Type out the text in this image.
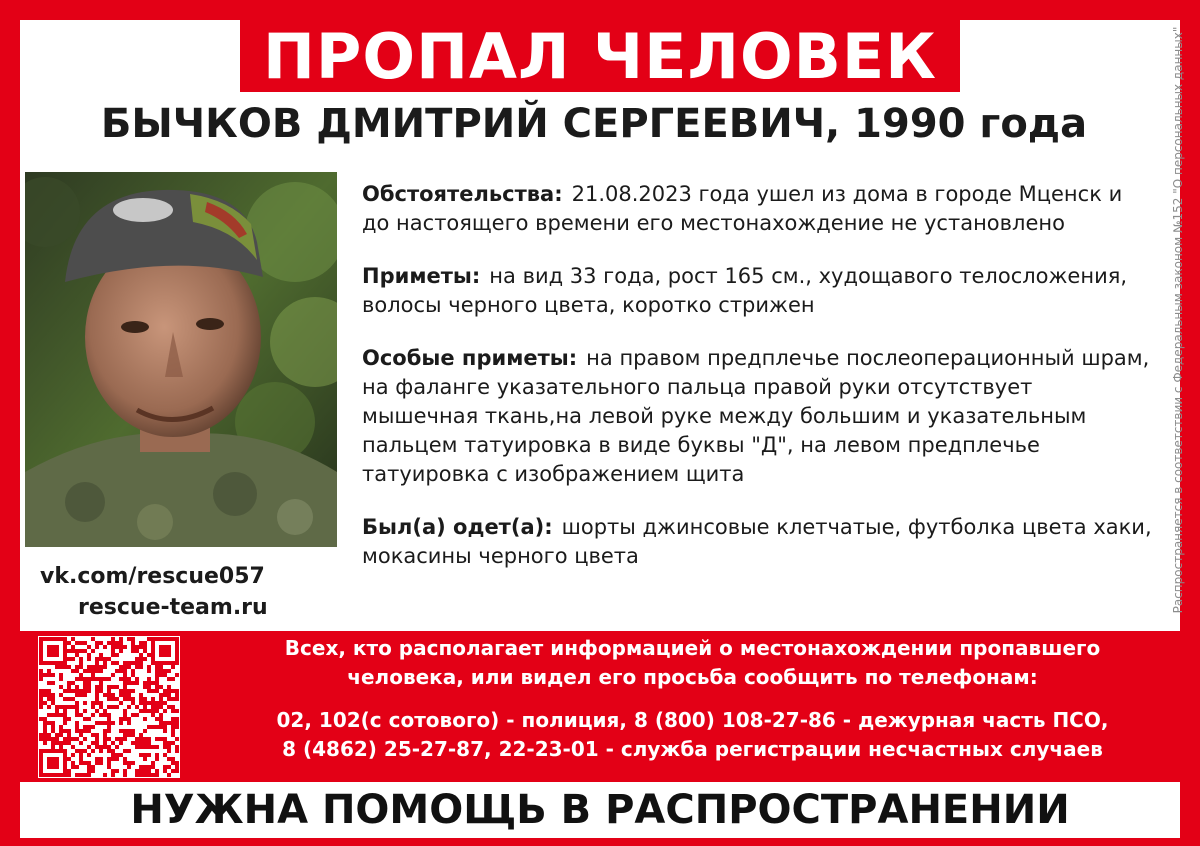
ПРОПАЛ ЧЕЛОВЕК
БЫЧКОВ ДМИТРИЙ СЕРГЕЕВИЧ, 1990 года	Распространяется в соответствии с Федеральным законом №152 "О персональных данных"
vk.com/rescue057
rescue-team.ru
Обстоятельства: 21.08.2023 года ушел из дома в городе Мценск и до настоящего времени его местонахождение не установлено
Приметы: на вид 33 года, рост 165 см., худощавого телосложения, волосы черного цвета, коротко стрижен
Особые приметы: на правом предплечье послеоперационный шрам, на фаланге указательного пальца правой руки отсутствует мышечная ткань,на левой руке между большим и указательным пальцем татуировка в виде буквы "Д", на левом предплечье татуировка с изображением щита
Был(а) одет(а): шорты джинсовые клетчатые, футболка цвета хаки, мокасины черного цвета
Всех, кто располагает информацией о местонахождении пропавшего
человека, или видел его просьба сообщить по телефонам:
02, 102(с сотового) - полиция, 8 (800) 108-27-86 - дежурная часть ПСО,
8 (4862) 25-27-87, 22-23-01 - служба регистрации несчастных случаев
НУЖНА ПОМОЩЬ В РАСПРОСТРАНЕНИИ
